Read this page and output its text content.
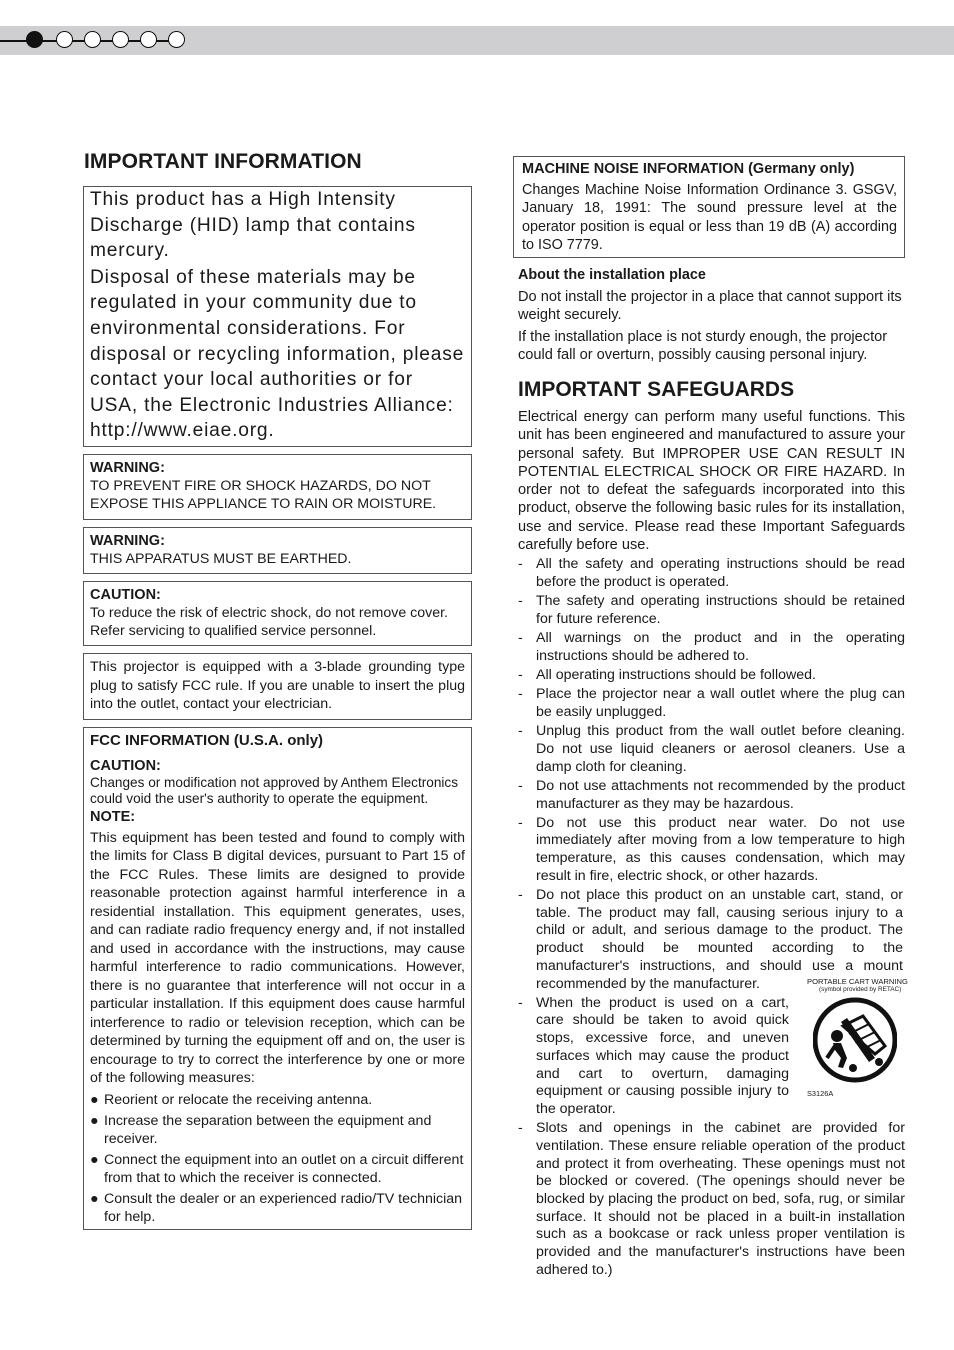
IMPORTANT INFORMATION

This product has a High Intensity Discharge (HID) lamp that contains mercury.

Disposal of these materials may be regulated in your community due to environmental considerations. For disposal or recycling information, please contact your local authorities or for USA, the Electronic Industries Alliance: http://www.eiae.org.

WARNING:

TO PREVENT FIRE OR SHOCK HAZARDS, DO NOT EXPOSE THIS APPLIANCE TO RAIN OR MOISTURE.

WARNING:

THIS APPARATUS MUST BE EARTHED.

CAUTION:

To reduce the risk of electric shock, do not remove cover. Refer servicing to qualified service personnel.

This projector is equipped with a 3-blade grounding type plug to satisfy FCC rule. If you are unable to insert the plug into the outlet, contact your electrician.

FCC INFORMATION (U.S.A. only)

CAUTION:

Changes or modification not approved by Anthem Electronics could void the user's authority to operate the equipment.

NOTE:

This equipment has been tested and found to comply with the limits for Class B digital devices, pursuant to Part 15 of the FCC Rules. These limits are designed to provide reasonable protection against harmful interference in a residential installation. This equipment generates, uses, and can radiate radio frequency energy and, if not installed and used in accordance with the instructions, may cause harmful interference to radio communications. However, there is no guarantee that interference will not occur in a particular installation. If this equipment does cause harmful interference to radio or television reception, which can be determined by turning the equipment off and on, the user is encourage to try to correct the interference by one or more of the following measures:

● Reorient or relocate the receiving antenna.
● Increase the separation between the equipment and receiver.
● Connect the equipment into an outlet on a circuit different from that to which the receiver is connected.
● Consult the dealer or an experienced radio/TV technician for help.

MACHINE NOISE INFORMATION (Germany only)

Changes Machine Noise Information Ordinance 3. GSGV, January 18, 1991: The sound pressure level at the operator position is equal or less than 19 dB (A) according to ISO 7779.

About the installation place

Do not install the projector in a place that cannot support its weight securely.

If the installation place is not sturdy enough, the projector could fall or overturn, possibly causing personal injury.

IMPORTANT SAFEGUARDS

Electrical energy can perform many useful functions. This unit has been engineered and manufactured to assure your personal safety. But IMPROPER USE CAN RESULT IN POTENTIAL ELECTRICAL SHOCK OR FIRE HAZARD. In order not to defeat the safeguards incorporated into this product, observe the following basic rules for its installation, use and service. Please read these Important Safeguards carefully before use.

- All the safety and operating instructions should be read before the product is operated.
- The safety and operating instructions should be retained for future reference.
- All warnings on the product and in the operating instructions should be adhered to.
- All operating instructions should be followed.
- Place the projector near a wall outlet where the plug can be easily unplugged.
- Unplug this product from the wall outlet before cleaning. Do not use liquid cleaners or aerosol cleaners. Use a damp cloth for cleaning.
- Do not use attachments not recommended by the product manufacturer as they may be hazardous.
- Do not use this product near water. Do not use immediately after moving from a low temperature to high temperature, as this causes condensation, which may result in fire, electric shock, or other hazards.
- Do not place this product on an unstable cart, stand, or table. The product may fall, causing serious injury to a child or adult, and serious damage to the product. The product should be mounted according to the manufacturer's instructions, and should use a mount recommended by the manufacturer.
- When the product is used on a cart, care should be taken to avoid quick stops, excessive force, and uneven surfaces which may cause the product and cart to overturn, damaging equipment or causing possible injury to the operator.
- Slots and openings in the cabinet are provided for ventilation. These ensure reliable operation of the product and protect it from overheating. These openings must not be blocked or covered. (The openings should never be blocked by placing the product on bed, sofa, rug, or similar surface. It should not be placed in a built-in installation such as a bookcase or rack unless proper ventilation is provided and the manufacturer's instructions have been adhered to.)

PORTABLE CART WARNING

(symbol provided by RETAC)

S3126A
